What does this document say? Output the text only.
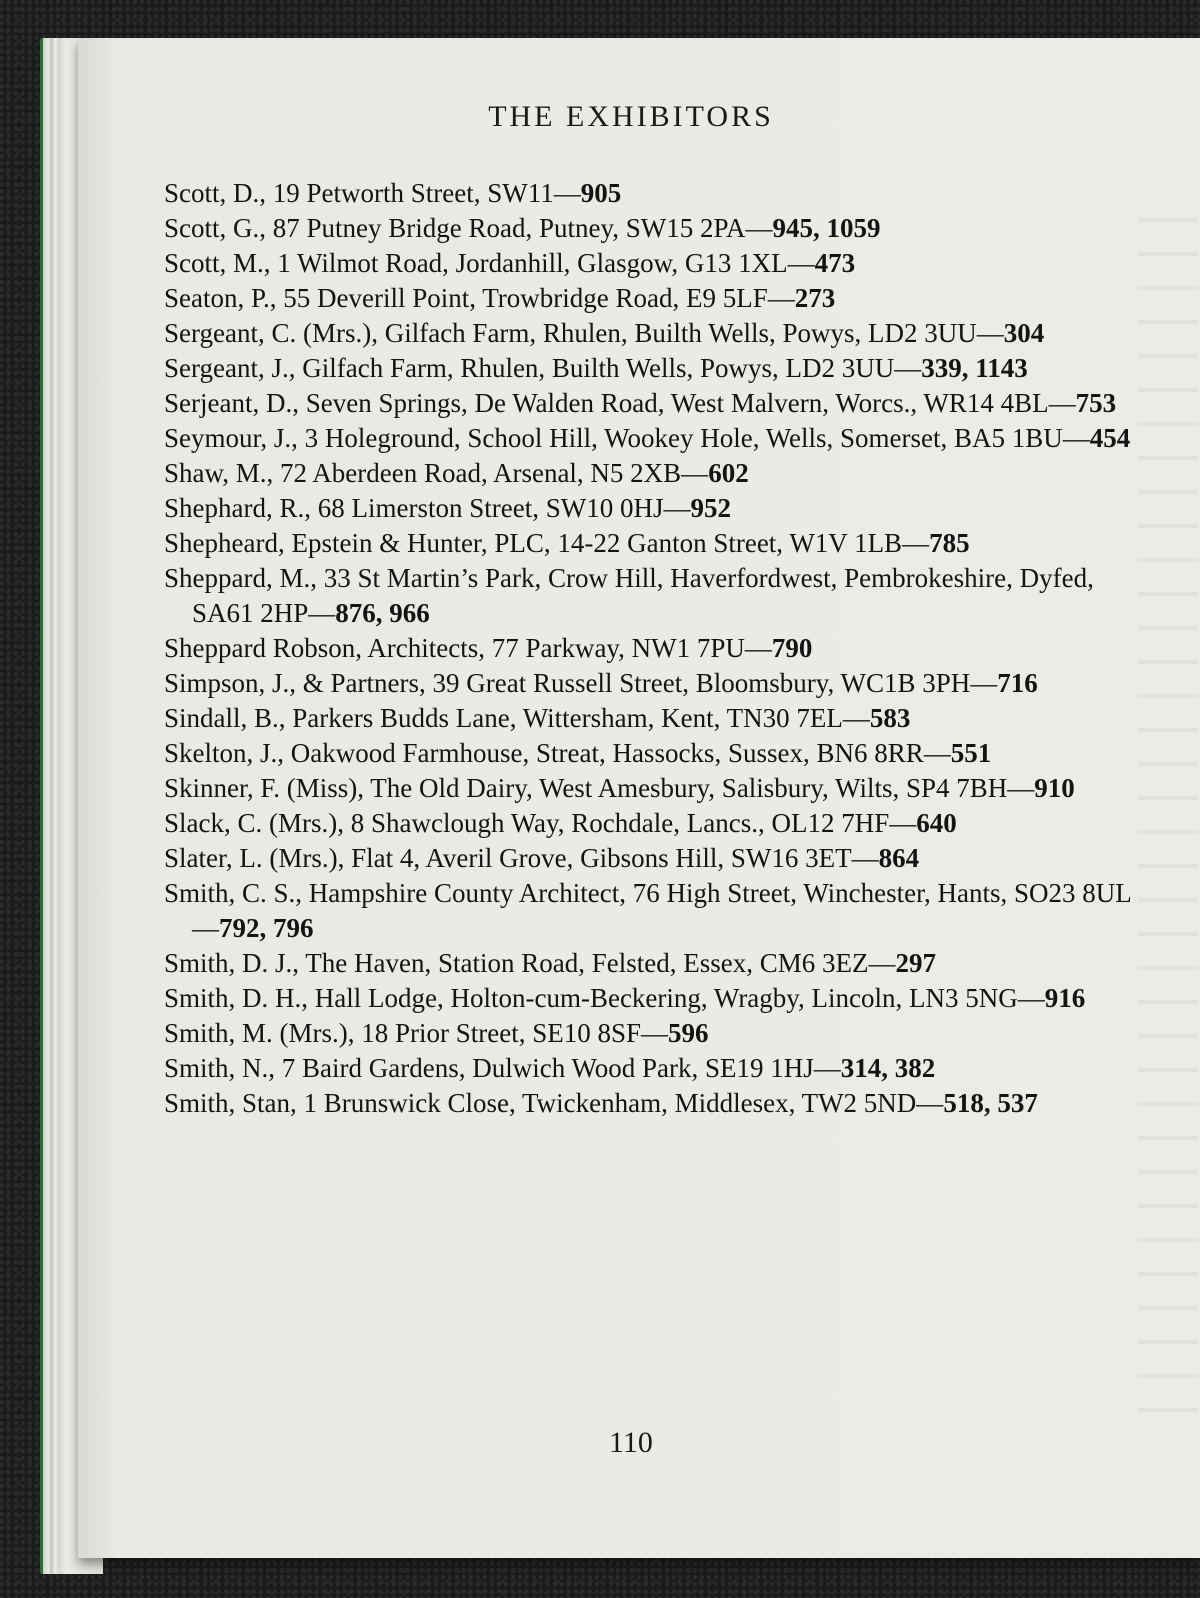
THE EXHIBITORS
Scott, D., 19 Petworth Street, SW11—905
Scott, G., 87 Putney Bridge Road, Putney, SW15 2PA—945, 1059
Scott, M., 1 Wilmot Road, Jordanhill, Glasgow, G13 1XL—473
Seaton, P., 55 Deverill Point, Trowbridge Road, E9 5LF—273
Sergeant, C. (Mrs.), Gilfach Farm, Rhulen, Builth Wells, Powys, LD2 3UU—304
Sergeant, J., Gilfach Farm, Rhulen, Builth Wells, Powys, LD2 3UU—339, 1143
Serjeant, D., Seven Springs, De Walden Road, West Malvern, Worcs., WR14 4BL—753
Seymour, J., 3 Holeground, School Hill, Wookey Hole, Wells, Somerset, BA5 1BU—454
Shaw, M., 72 Aberdeen Road, Arsenal, N5 2XB—602
Shephard, R., 68 Limerston Street, SW10 0HJ—952
Shepheard, Epstein & Hunter, PLC, 14-22 Ganton Street, W1V 1LB—785
Sheppard, M., 33 St Martin’s Park, Crow Hill, Haverfordwest, Pembrokeshire, Dyfed, SA61 2HP—876, 966
Sheppard Robson, Architects, 77 Parkway, NW1 7PU—790
Simpson, J., & Partners, 39 Great Russell Street, Bloomsbury, WC1B 3PH—716
Sindall, B., Parkers Budds Lane, Wittersham, Kent, TN30 7EL—583
Skelton, J., Oakwood Farmhouse, Streat, Hassocks, Sussex, BN6 8RR—551
Skinner, F. (Miss), The Old Dairy, West Amesbury, Salisbury, Wilts, SP4 7BH—910
Slack, C. (Mrs.), 8 Shawclough Way, Rochdale, Lancs., OL12 7HF—640
Slater, L. (Mrs.), Flat 4, Averil Grove, Gibsons Hill, SW16 3ET—864
Smith, C. S., Hampshire County Architect, 76 High Street, Winchester, Hants, SO23 8UL—792, 796
Smith, D. J., The Haven, Station Road, Felsted, Essex, CM6 3EZ—297
Smith, D. H., Hall Lodge, Holton-cum-Beckering, Wragby, Lincoln, LN3 5NG—916
Smith, M. (Mrs.), 18 Prior Street, SE10 8SF—596
Smith, N., 7 Baird Gardens, Dulwich Wood Park, SE19 1HJ—314, 382
Smith, Stan, 1 Brunswick Close, Twickenham, Middlesex, TW2 5ND—518, 537
110
